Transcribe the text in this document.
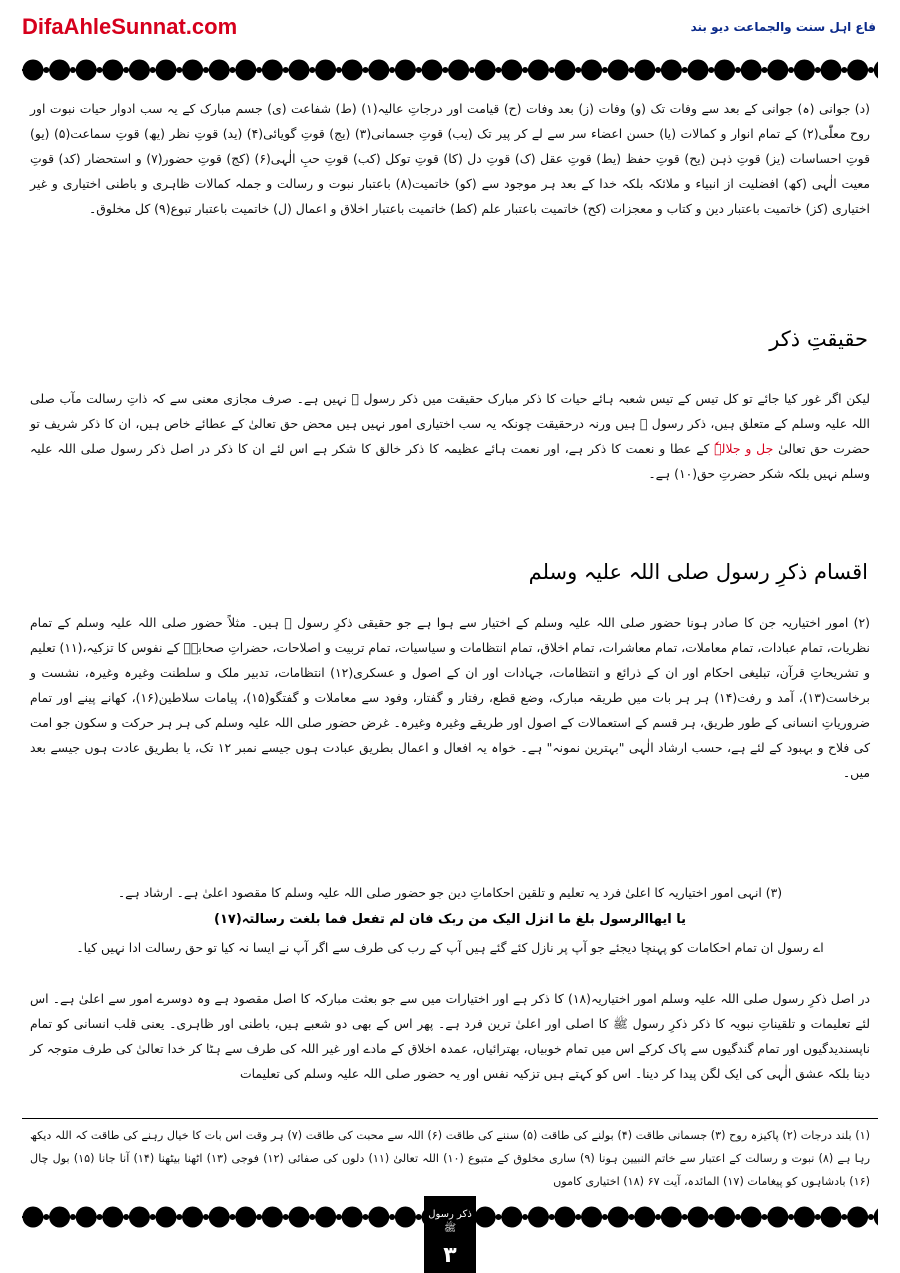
DifaAhleSunnat.com	فاع اہل سنت والجماعت دیو بند
(د) جوانی (ہ) جوانی کے بعد سے وفات تک (و) وفات (ز) بعد وفات (ح) قیامت اور درجاتِ عالیہ(۱) (ط) شفاعت (ی) جسم مبارک کے یہ سب ادوار حیات نبوت اور روح معلّٰی(۲) کے تمام انوار و کمالات (یا) حسن اعضاء سر سے لے کر پیر تک (یب) قوتِ جسمانی(۳) (یج) قوتِ گویائی(۴) (ید) قوتِ نظر (یھ) قوتِ سماعت(۵) (یو) قوتِ احساسات (یز) قوتِ ذہن (یح) قوتِ حفظ (یط) قوتِ عقل (ک) قوتِ دل (کا) قوتِ توکل (کب) قوتِ حبِ الٰہی(۶) (کج) قوتِ حضور(۷) و استحضار (کد) قوتِ معیت الٰہی (کھ) افضلیت از انبیاء و ملائکہ بلکہ خدا کے بعد ہر موجود سے (کو) خاتمیت(۸) باعتبار نبوت و رسالت و جملہ کمالات ظاہری و باطنی اختیاری و غیر اختیاری (کز) خاتمیت باعتبار دین و کتاب و معجزات (کح) خاتمیت باعتبار علم (کط) خاتمیت باعتبار اخلاق و اعمال (ل) خاتمیت باعتبار تبوع(۹) کل مخلوق۔
حقیقتِ ذکر
لیکن اگر غور کیا جائے تو کل تیس کے تیس شعبہ ہائے حیات کا ذکر مبارک حقیقت میں ذکر رسول ﷺ نہیں ہے۔ صرف مجازی معنی سے کہ ذاتِ رسالت مآب صلی اللہ علیہ وسلم کے متعلق ہیں، ذکر رسول ﷺ ہیں ورنہ درحقیقت چونکہ یہ سب اختیاری امور نہیں ہیں محض حق تعالیٰ کے عطائے خاص ہیں، ان کا ذکر شریف تو حضرت حق تعالیٰ جل و جلالہٗ کے عطا و نعمت کا ذکر ہے، اور نعمت ہائے عظیمہ کا ذکر خالق کا شکر ہے اس لئے ان کا ذکر در اصل ذکر رسول صلی اللہ علیہ وسلم نہیں بلکہ شکر حضرتِ حق(۱۰) ہے۔
اقسام ذکرِ رسول صلی اللہ علیہ وسلم
(۲) امور اختیاریہ جن کا صادر ہونا حضور صلی اللہ علیہ وسلم کے اختیار سے ہوا ہے جو حقیقی ذکرِ رسول ﷺ ہیں۔ مثلاً حضور صلی اللہ علیہ وسلم کے تمام نظریات، تمام عبادات، تمام معاملات، تمام معاشرات، تمام اخلاق، تمام انتظامات و سیاسیات، تمام تربیت و اصلاحات، حضراتِ صحابہؓ کے نفوس کا تزکیہ،(۱۱) تعلیم و تشریحاتِ قرآن، تبلیغی احکام اور ان کے ذرائع و انتظامات، جہادات اور ان کے اصول و عسکری(۱۲) انتظامات، تدبیر ملک و سلطنت وغیرہ وغیرہ، نشست و برخاست(۱۳)، آمد و رفت(۱۴) ہر ہر بات میں طریقہ مبارک، وضع قطع، رفتار و گفتار، وفود سے معاملات و گفتگو(۱۵)، پیامات سلاطین(۱۶)، کھانے پینے اور تمام ضروریاتِ انسانی کے طور طریق، ہر قسم کے استعمالات کے اصول اور طریقے وغیرہ وغیرہ۔ غرض حضور صلی اللہ علیہ وسلم کی ہر ہر حرکت و سکون جو امت کی فلاح و بہبود کے لئے ہے، حسب ارشاد الٰہی "بہترین نمونہ" ہے۔ خواہ یہ افعال و اعمال بطریق عبادت ہوں جیسے نمبر ۱۲ تک، یا بطریق عادت ہوں جیسے بعد میں۔
(۳) انہی امور اختیاریہ کا اعلیٰ فرد یہ تعلیم و تلقین احکاماتِ دین جو حضور صلی اللہ علیہ وسلم کا مقصود اعلیٰ ہے۔ ارشاد ہے۔
یا ایھاالرسول بلغ ما انزل الیک من ربک فان لم تفعل فما بلغت رسالتہ(۱۷)
اے رسول ان تمام احکامات کو پہنچا دیجئے جو آپ پر نازل کئے گئے ہیں آپ کے رب کی طرف سے اگر آپ نے ایسا نہ کیا تو حق رسالت ادا نہیں کیا۔
در اصل ذکرِ رسول صلی اللہ علیہ وسلم امور اختیاریہ(۱۸) کا ذکر ہے اور اختیارات میں سے جو بعثت مبارکہ کا اصل مقصود ہے وہ دوسرے امور سے اعلیٰ ہے۔ اس لئے تعلیمات و تلقیناتِ نبویہ کا ذکر ذکرِ رسول ﷺ کا اصلی اور اعلیٰ ترین فرد ہے۔ پھر اس کے بھی دو شعبے ہیں، باطنی اور ظاہری۔ یعنی قلب انسانی کو تمام ناپسندیدگیوں اور تمام گندگیوں سے پاک کرکے اس میں تمام خوبیاں، بھترائیاں، عمدہ اخلاق کے مادے اور غیر اللہ کی طرف سے ہٹا کر خدا تعالیٰ کی طرف متوجہ کر دینا بلکہ عشق الٰہی کی ایک لگن پیدا کر دینا۔ اس کو کہتے ہیں تزکیہ نفس اور یہ حضور صلی اللہ علیہ وسلم کی تعلیمات
(۱) بلند درجات (۲) پاکیزہ روح (۳) جسمانی طاقت (۴) بولنے کی طاقت (۵) سننے کی طاقت (۶) اللہ سے محبت کی طاقت (۷) ہر وقت اس بات کا خیال رہنے کی طاقت کہ اللہ دیکھ رہا ہے (۸) نبوت و رسالت کے اعتبار سے خاتم النبیین ہونا (۹) ساری مخلوق کے متبوع (۱۰) اللہ تعالیٰ (۱۱) دلوں کی صفائی (۱۲) فوجی (۱۳) اٹھنا بیٹھنا (۱۴) آنا جانا (۱۵) بول چال (۱۶) بادشاہوں کو پیغامات (۱۷) المائدہ، آیت ۶۷ (۱۸) اختیاری کاموں
ذکر رسول ﷺ
۳
